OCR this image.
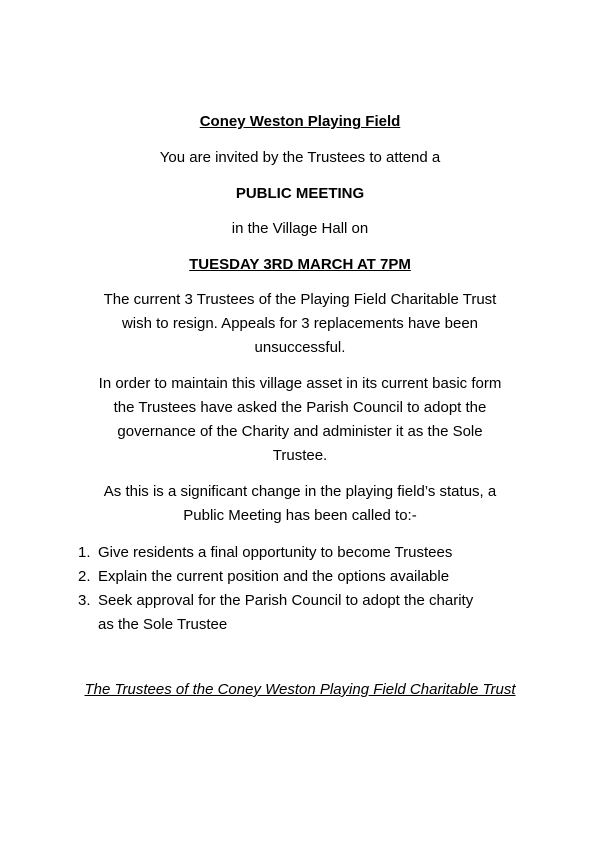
Coney Weston Playing Field
You are invited by the Trustees to attend a
PUBLIC MEETING
in the Village Hall on
TUESDAY 3RD MARCH AT 7PM
The current 3 Trustees of the Playing Field Charitable Trust
wish to resign. Appeals for 3 replacements have been
unsuccessful.
In order to maintain this village asset in its current basic form
the Trustees have asked the Parish Council to adopt the
governance of the Charity and administer it as the Sole
Trustee.
As this is a significant change in the playing field’s status, a
Public Meeting has been called to:-
1. Give residents a final opportunity to become Trustees
2. Explain the current position and the options available
3. Seek approval for the Parish Council to adopt the charity
as the Sole Trustee
The Trustees of the Coney Weston Playing Field Charitable Trust
